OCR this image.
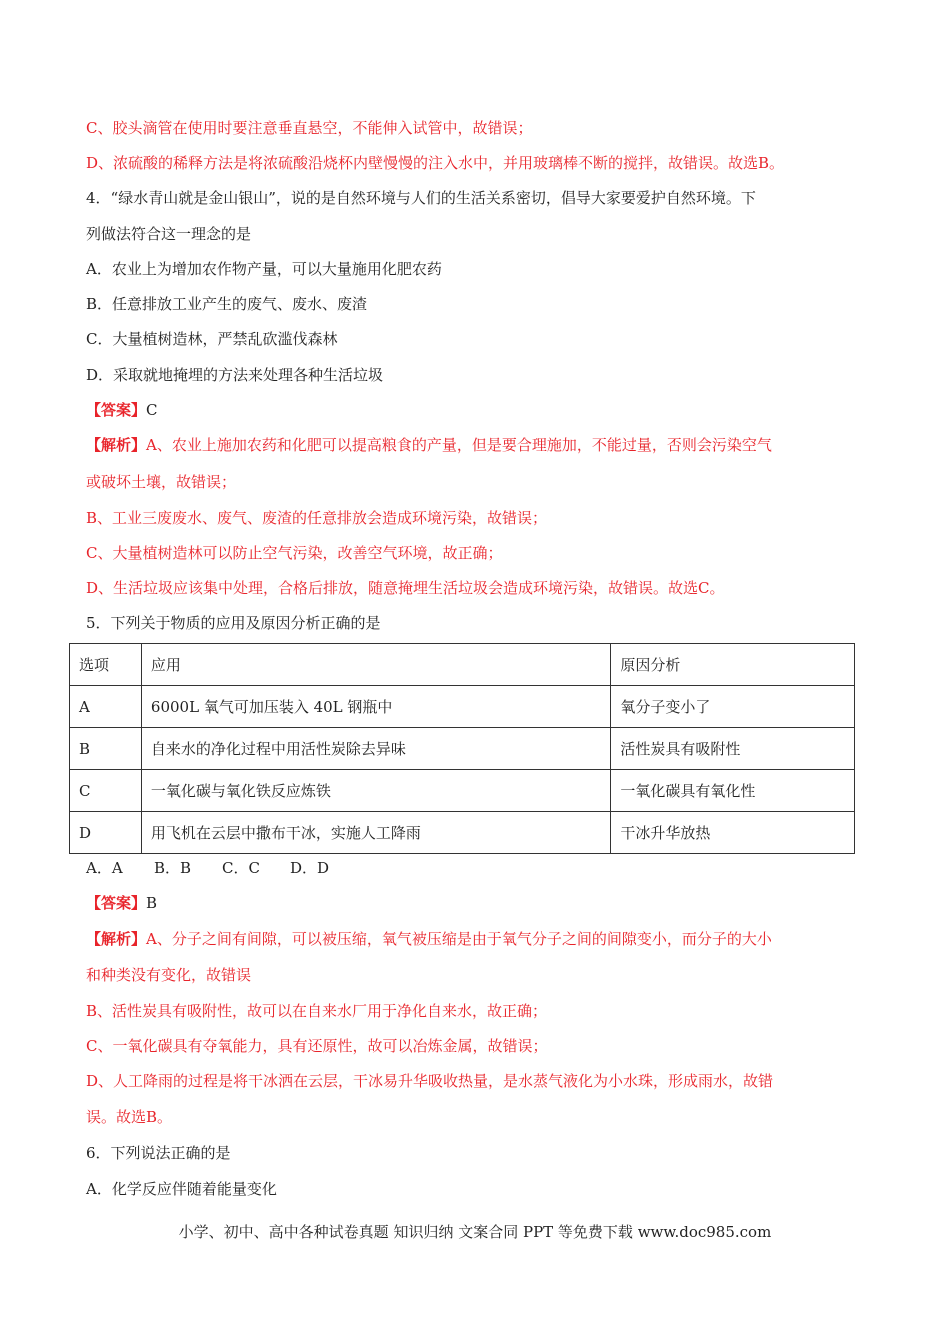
C、胶头滴管在使用时要注意垂直悬空，不能伸入试管中，故错误；
D、浓硫酸的稀释方法是将浓硫酸沿烧杯内壁慢慢的注入水中，并用玻璃棒不断的搅拌，故错误。故选B。
4．“绿水青山就是金山银山”，说的是自然环境与人们的生活关系密切，倡导大家要爱护自然环境。下
列做法符合这一理念的是
A．农业上为增加农作物产量，可以大量施用化肥农药
B．任意排放工业产生的废气、废水、废渣
C．大量植树造林，严禁乱砍滥伐森林
D．采取就地掩埋的方法来处理各种生活垃圾
【答案】C
【解析】A、农业上施加农药和化肥可以提高粮食的产量，但是要合理施加，不能过量，否则会污染空气
或破坏土壤，故错误；
B、工业三废废水、废气、废渣的任意排放会造成环境污染，故错误；
C、大量植树造林可以防止空气污染，改善空气环境，故正确；
D、生活垃圾应该集中处理，合格后排放，随意掩埋生活垃圾会造成环境污染，故错误。故选C。
5．下列关于物质的应用及原因分析正确的是
选项	应用	原因分析
A	6000L 氧气可加压装入 40L 钢瓶中	氧分子变小了
B	自来水的净化过程中用活性炭除去异味	活性炭具有吸附性
C	一氧化碳与氧化铁反应炼铁	一氧化碳具有氧化性
D	用飞机在云层中撒布干冰，实施人工降雨	干冰升华放热
A．A B．B C．C D．D
【答案】B
【解析】A、分子之间有间隙，可以被压缩，氧气被压缩是由于氧气分子之间的间隙变小，而分子的大小
和种类没有变化，故错误
B、活性炭具有吸附性，故可以在自来水厂用于净化自来水，故正确；
C、一氧化碳具有夺氧能力，具有还原性，故可以冶炼金属，故错误；
D、人工降雨的过程是将干冰洒在云层，干冰易升华吸收热量，是水蒸气液化为小水珠，形成雨水，故错
误。故选B。
6．下列说法正确的是
A．化学反应伴随着能量变化
小学、初中、高中各种试卷真题 知识归纳 文案合同 PPT 等免费下载 www.doc985.com
